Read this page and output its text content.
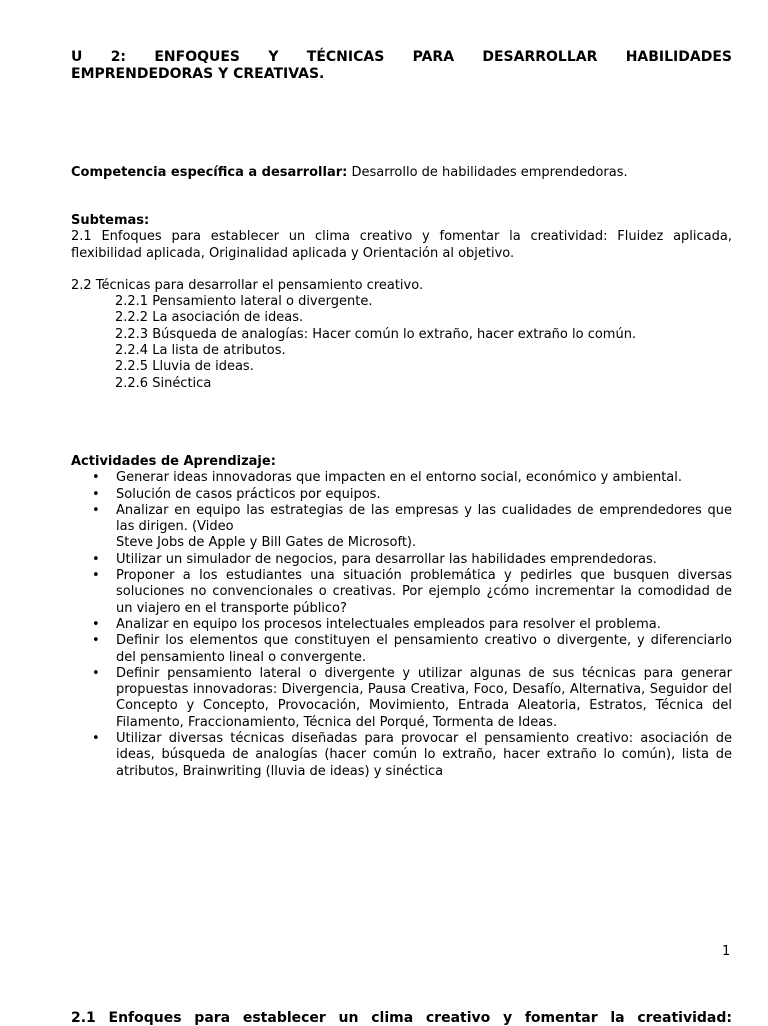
U 2: ENFOQUES Y TÉCNICAS PARA DESARROLLAR HABILIDADES
EMPRENDEDORAS Y CREATIVAS.
Competencia específica a desarrollar: Desarrollo de habilidades emprendedoras.
Subtemas:
2.1 Enfoques para establecer un clima creativo y fomentar la creatividad: Fluidez aplicada,
flexibilidad aplicada, Originalidad aplicada y Orientación al objetivo.
2.2 Técnicas para desarrollar el pensamiento creativo.
2.2.1 Pensamiento lateral o divergente.
2.2.2 La asociación de ideas.
2.2.3 Búsqueda de analogías: Hacer común lo extraño, hacer extraño lo común.
2.2.4 La lista de atributos.
2.2.5 Lluvia de ideas.
2.2.6 Sinéctica
Actividades de Aprendizaje:
• Generar ideas innovadoras que impacten en el entorno social, económico y ambiental.
• Solución de casos prácticos por equipos.
• Analizar en equipo las estrategias de las empresas y las cualidades de emprendedores que las dirigen. (Video
Steve Jobs de Apple y Bill Gates de Microsoft).
• Utilizar un simulador de negocios, para desarrollar las habilidades emprendedoras.
• Proponer a los estudiantes una situación problemática y pedirles que busquen diversas soluciones no convencionales o creativas. Por ejemplo ¿cómo incrementar la comodidad de un viajero en el transporte público?
• Analizar en equipo los procesos intelectuales empleados para resolver el problema.
• Definir los elementos que constituyen el pensamiento creativo o divergente, y diferenciarlo del pensamiento lineal o convergente.
• Definir pensamiento lateral o divergente y utilizar algunas de sus técnicas para generar propuestas innovadoras: Divergencia, Pausa Creativa, Foco, Desafío, Alternativa, Seguidor del Concepto y Concepto, Provocación, Movimiento, Entrada Aleatoria, Estratos, Técnica del Filamento, Fraccionamiento, Técnica del Porqué, Tormenta de Ideas.
• Utilizar diversas técnicas diseñadas para provocar el pensamiento creativo: asociación de ideas, búsqueda de analogías (hacer común lo extraño, hacer extraño lo común), lista de atributos, Brainwriting (lluvia de ideas) y sinéctica
1
2.1 Enfoques para establecer un clima creativo y fomentar la creatividad:
